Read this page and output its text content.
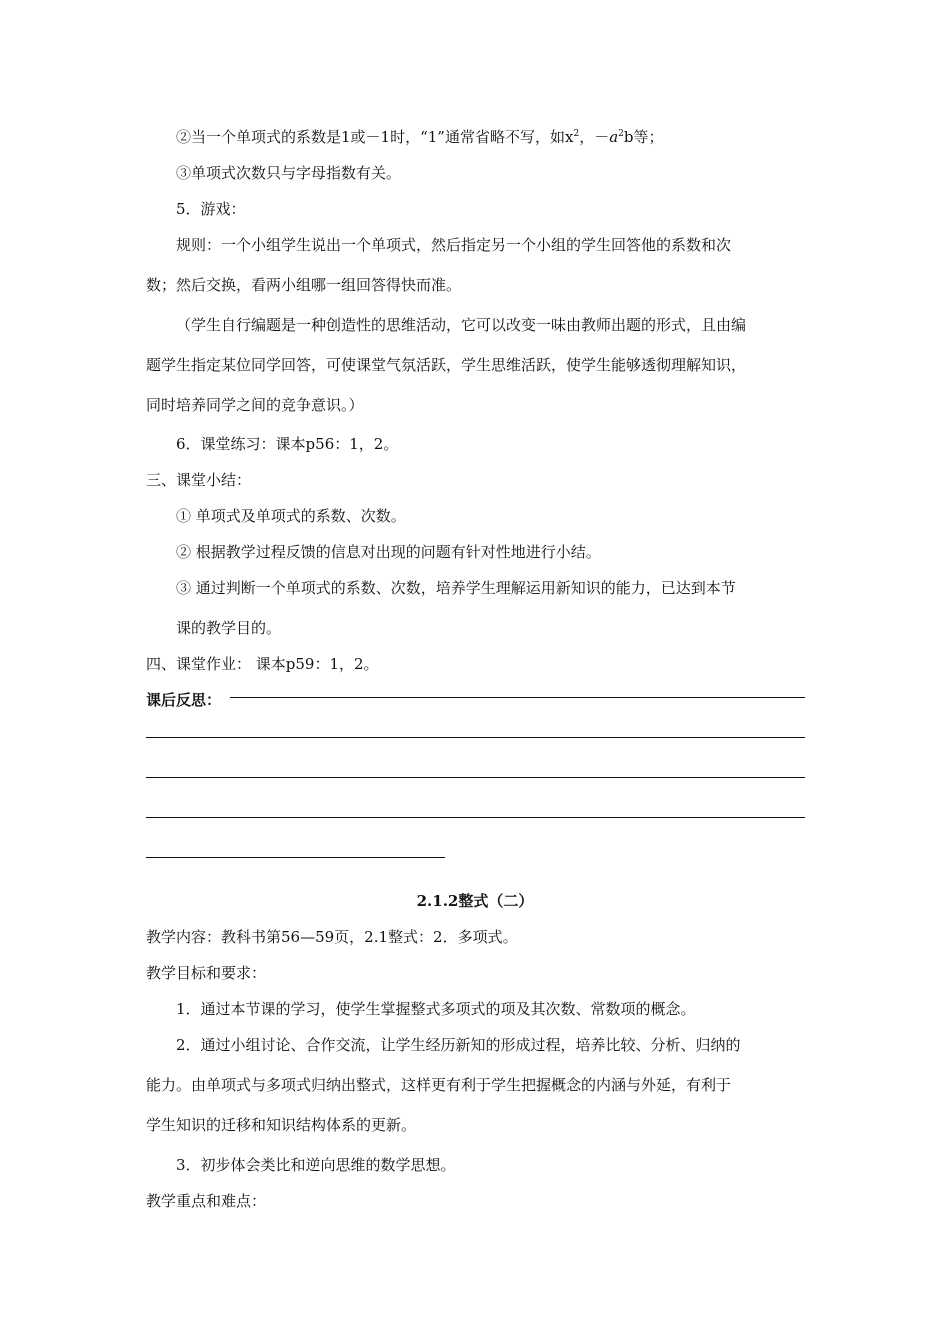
②当一个单项式的系数是1或－1时，“1”通常省略不写，如$x^2$，$-a^2b$等；
③单项式次数只与字母指数有关。
5．游戏：
规则：一个小组学生说出一个单项式，然后指定另一个小组的学生回答他的系数和次
数；然后交换，看两小组哪一组回答得快而准。
（学生自行编题是一种创造性的思维活动，它可以改变一味由教师出题的形式，且由编
题学生指定某位同学回答，可使课堂气氛活跃，学生思维活跃，使学生能够透彻理解知识，
同时培养同学之间的竞争意识。）
6．课堂练习：课本p56：1，2。
三、课堂小结：
① 单项式及单项式的系数、次数。
② 根据教学过程反馈的信息对出现的问题有针对性地进行小结。
③ 通过判断一个单项式的系数、次数，培养学生理解运用新知识的能力，已达到本节
课的教学目的。
四、课堂作业： 课本p59：1，2。
课后反思：
2.1.2整式（二）
教学内容：教科书第56—59页，2.1整式：2．多项式。
教学目标和要求：
1．通过本节课的学习，使学生掌握整式多项式的项及其次数、常数项的概念。
2．通过小组讨论、合作交流，让学生经历新知的形成过程，培养比较、分析、归纳的
能力。由单项式与多项式归纳出整式，这样更有利于学生把握概念的内涵与外延，有利于
学生知识的迁移和知识结构体系的更新。
3．初步体会类比和逆向思维的数学思想。
教学重点和难点：
